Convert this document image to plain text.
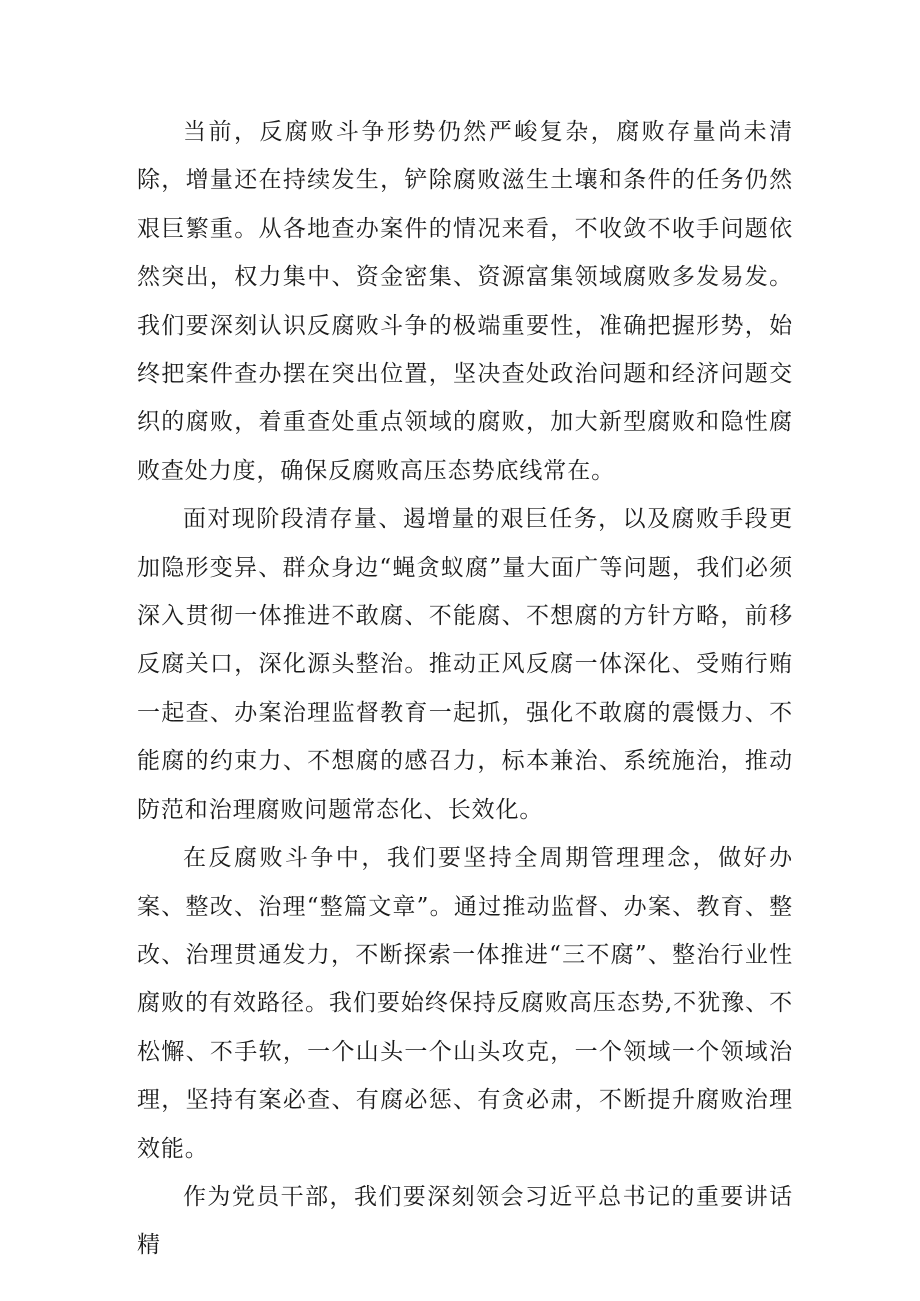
当前，反腐败斗争形势仍然严峻复杂，腐败存量尚未清除，增量还在持续发生，铲除腐败滋生土壤和条件的任务仍然艰巨繁重。从各地查办案件的情况来看，不收敛不收手问题依然突出，权力集中、资金密集、资源富集领域腐败多发易发。我们要深刻认识反腐败斗争的极端重要性，准确把握形势，始终把案件查办摆在突出位置，坚决查处政治问题和经济问题交织的腐败，着重查处重点领域的腐败，加大新型腐败和隐性腐败查处力度，确保反腐败高压态势底线常在。

面对现阶段清存量、遏增量的艰巨任务，以及腐败手段更加隐形变异、群众身边“蝇贪蚁腐”量大面广等问题，我们必须深入贯彻一体推进不敢腐、不能腐、不想腐的方针方略，前移反腐关口，深化源头整治。推动正风反腐一体深化、受贿行贿一起查、办案治理监督教育一起抓，强化不敢腐的震慑力、不能腐的约束力、不想腐的感召力，标本兼治、系统施治，推动防范和治理腐败问题常态化、长效化。

在反腐败斗争中，我们要坚持全周期管理理念，做好办案、整改、治理“整篇文章”。通过推动监督、办案、教育、整改、治理贯通发力，不断探索一体推进“三不腐”、整治行业性腐败的有效路径。我们要始终保持反腐败高压态势,不犹豫、不松懈、不手软，一个山头一个山头攻克，一个领域一个领域治理，坚持有案必查、有腐必惩、有贪必肃，不断提升腐败治理效能。

作为党员干部，我们要深刻领会习近平总书记的重要讲话精
